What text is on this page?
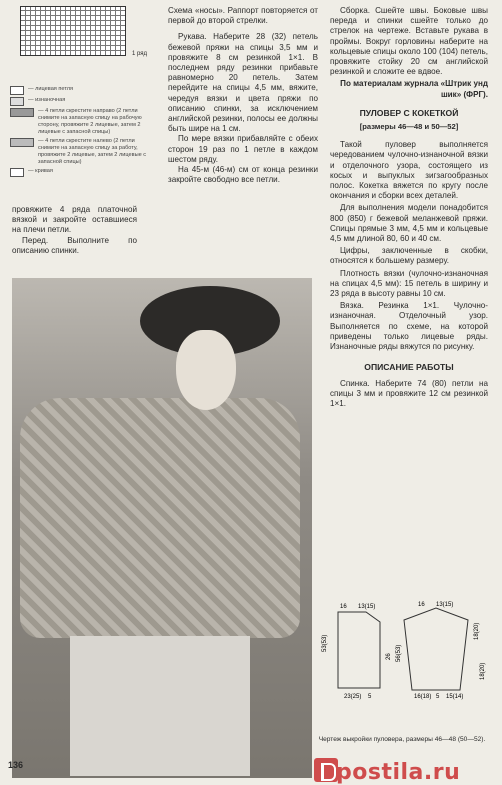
1 ряд
— лицевая петля
— изнаночная
— 4 петли скрестите направо (2 петли снимите на запасную спицу на рабочую сторону, провяжите 2 лицевые, затем 2 лицевые с запасной спицы)
— 4 петли скрестите налево (2 петли снимите на запасную спицу за работу, провяжите 2 лицевые, затем 2 лицевые с запасной спицы)
— кривая
провяжите 4 ряда платочной вязкой и закройте оставшиеся на плечи петли.
Перед. Выполните по описанию спинки.
Схема «носы». Раппорт повторяется от первой до второй стрелки.
Рукава. Наберите 28 (32) петель бежевой пряжи на спицы 3,5 мм и провяжите 8 см резинкой 1×1. В последнем ряду резинки прибавьте равномерно 20 петель. Затем перейдите на спицы 4,5 мм, вяжите, чередуя вязки и цвета пряжи по описанию спинки, за исключением английской резинки, полосы ее должны быть шире на 1 см.
По мере вязки прибавляйте с обеих сторон 19 раз по 1 петле в каждом шестом ряду.
На 45-м (46-м) см от конца резинки закройте свободно все петли.
Сборка. Сшейте швы. Боковые швы переда и спинки сшейте только до стрелок на чертеже. Вставьте рукава в проймы. Вокруг горловины наберите на кольцевые спицы около 100 (104) петель, провяжите стойку 20 см английской резинкой и сложите ее вдвое.
По материалам журнала «Штрик унд шик» (ФРГ).
ПУЛОВЕР С КОКЕТКОЙ
[размеры 46—48 и 50—52]
Такой пуловер выполняется чередованием чулочно-изнаночной вязки и отделочного узора, состоящего из косых и выпуклых зигзагообразных полос. Кокетка вяжется по кругу после окончания и сборки всех деталей.
Для выполнения модели понадобится 800 (850) г бежевой меланжевой пряжи. Спицы прямые 3 мм, 4,5 мм и кольцевые 4,5 мм длиной 80, 60 и 40 см.
Цифры, заключенные в скобки, относятся к большему размеру.
Плотность вязки (чулочно-изнаночная на спицах 4,5 мм): 15 петель в ширину и 23 ряда в высоту равны 10 см.
Вязка. Резинка 1×1. Чулочно-изнаночная. Отделочный узор. Выполняется по схеме, на которой приведены только лицевые ряды. Изнаночные ряды вяжутся по рисунку.
ОПИСАНИЕ РАБОТЫ
Спинка. Наберите 74 (80) петли на спицы 3 мм и провяжите 12 см резинкой 1×1.
16 13(15)	16 13(15)
53(53)
26 56(53)
18(20)
18(20)
23(25) 5	16(18) 5 15(14)
Чертеж выкройки пуловера, размеры 46—48 (50—52).
136	postila.ru
